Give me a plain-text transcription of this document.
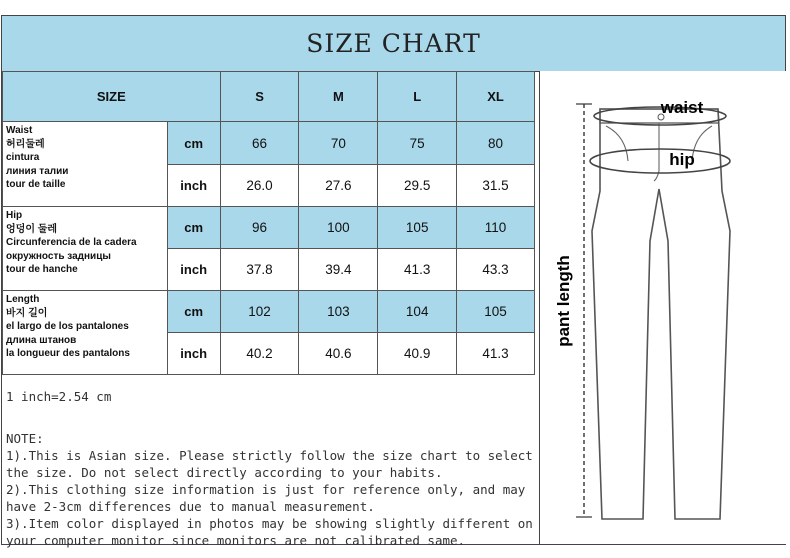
SIZE CHART
SIZE		S	M	L	XL

Waist
허리둘레
cintura
линия талии
tour de taille	cm	66	70	75	80
	inch	26.0	27.6	29.5	31.5

Hip
엉덩이 둘레
Circunferencia de la cadera
окружность задницы
tour de hanche	cm	96	100	105	110
	inch	37.8	39.4	41.3	43.3

Length
바지 길이
el largo de los pantalones
длина штанов
la longueur des pantalons	cm	102	103	104	105
	inch	40.2	40.6	40.9	41.3
1 inch=2.54 cm
NOTE:
1).This is Asian size. Please strictly follow the size chart to select
the size. Do not select directly according to your habits.
2).This clothing size information is just for reference only, and may
have 2-3cm differences due to manual measurement.
3).Item color displayed in photos may be showing slightly different on
your computer monitor since monitors are not calibrated same.
waist
hip
pant length
